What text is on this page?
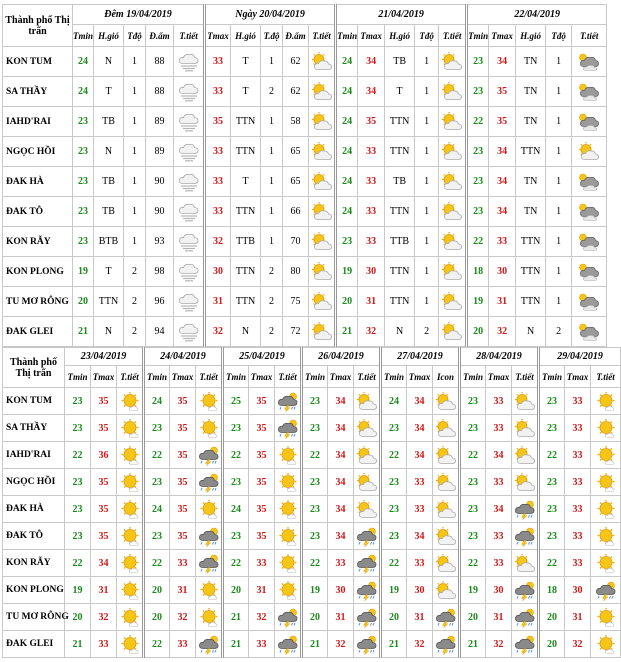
Thành phố Thị trấn	Đêm 19/04/2019					Ngày 20/04/2019					21/04/2019					22/04/2019				
	Tmin	H.gió	Tđộ	Đ.ẩm	T.tiết	Tmax	H.gió	T.độ	Đ.ẩm	T.tiết	Tmin	Tmax	H.gió	Tđộ	T.tiết	Tmin	Tmax	H.gió	Tđộ	T.tiết
KON TUM	24	N	1	88		33	T	1	62		24	34	TB	1		23	34	TN	1	

SA THẦY	24	T	1	88		33	T	2	62		24	34	T	1		23	35	TN	1	

IAHD'RAI	23	TB	1	89		35	TTN	1	58		24	35	TTN	1		22	35	TN	1	

NGỌC HỒI	23	N	1	89		33	TTN	1	65		24	33	TTN	1		23	34	TTN	1	

ĐAK HÀ	23	TB	1	90		33	T	1	65		24	33	TB	1		23	34	TN	1	

ĐAK TÔ	23	TB	1	90		33	TTN	1	66		24	33	TTN	1		23	34	TN	1	

KON RẪY	23	BTB	1	93		32	TTB	1	70		23	33	TTB	1		22	33	TTN	1	

KON PLONG	19	T	2	98		30	TTN	2	80		19	30	TTN	1		18	30	TTN	1	

TU MƠ RÔNG	20	TTN	2	96		31	TTN	2	75		20	31	TTN	1		19	31	TTN	1	

ĐAK GLEI	21	N	2	94		32	N	2	72		21	32	N	2		20	32	N	2	
Thành phố Thị trấn	23/04/2019			24/04/2019			25/04/2019			26/04/2019			27/04/2019			28/04/2019			29/04/2019		
	Tmin	Tmax	T.tiết	Tmin	Tmax	T.tiết	Tmin	Tmax	T.tiết	Tmin	Tmax	T.tiết	Tmin	Tmax	Icon	Tmin	Tmax	T.tiết	Tmin	Tmax	T.tiết
KON TUM	23	35		24	35		25	35		23	34		24	34		23	33		23	33	

SA THẦY	23	35		23	35		23	35		23	34		23	34		23	33		23	33	

IAHD'RAI	22	36		22	35		22	35		22	34		22	34		22	34		22	33	

NGỌC HỒI	23	35		23	35		23	35		23	34		23	33		23	33		23	33	

ĐAK HÀ	23	35		24	35		24	35		23	34		23	33		23	34		23	33	

ĐAK TÔ	23	35		23	35		23	35		23	34		23	34		23	33		23	33	

KON RẪY	22	34		22	33		22	33		22	33		22	33		22	33		22	33	

KON PLONG	19	31		20	31		20	31		19	30		19	30		19	30		18	30	

TU MƠ RÔNG	20	32		20	32		21	32		20	31		20	31		20	31		20	31	

ĐAK GLEI	21	33		22	33		21	33		21	32		21	32		21	32		20	32	
